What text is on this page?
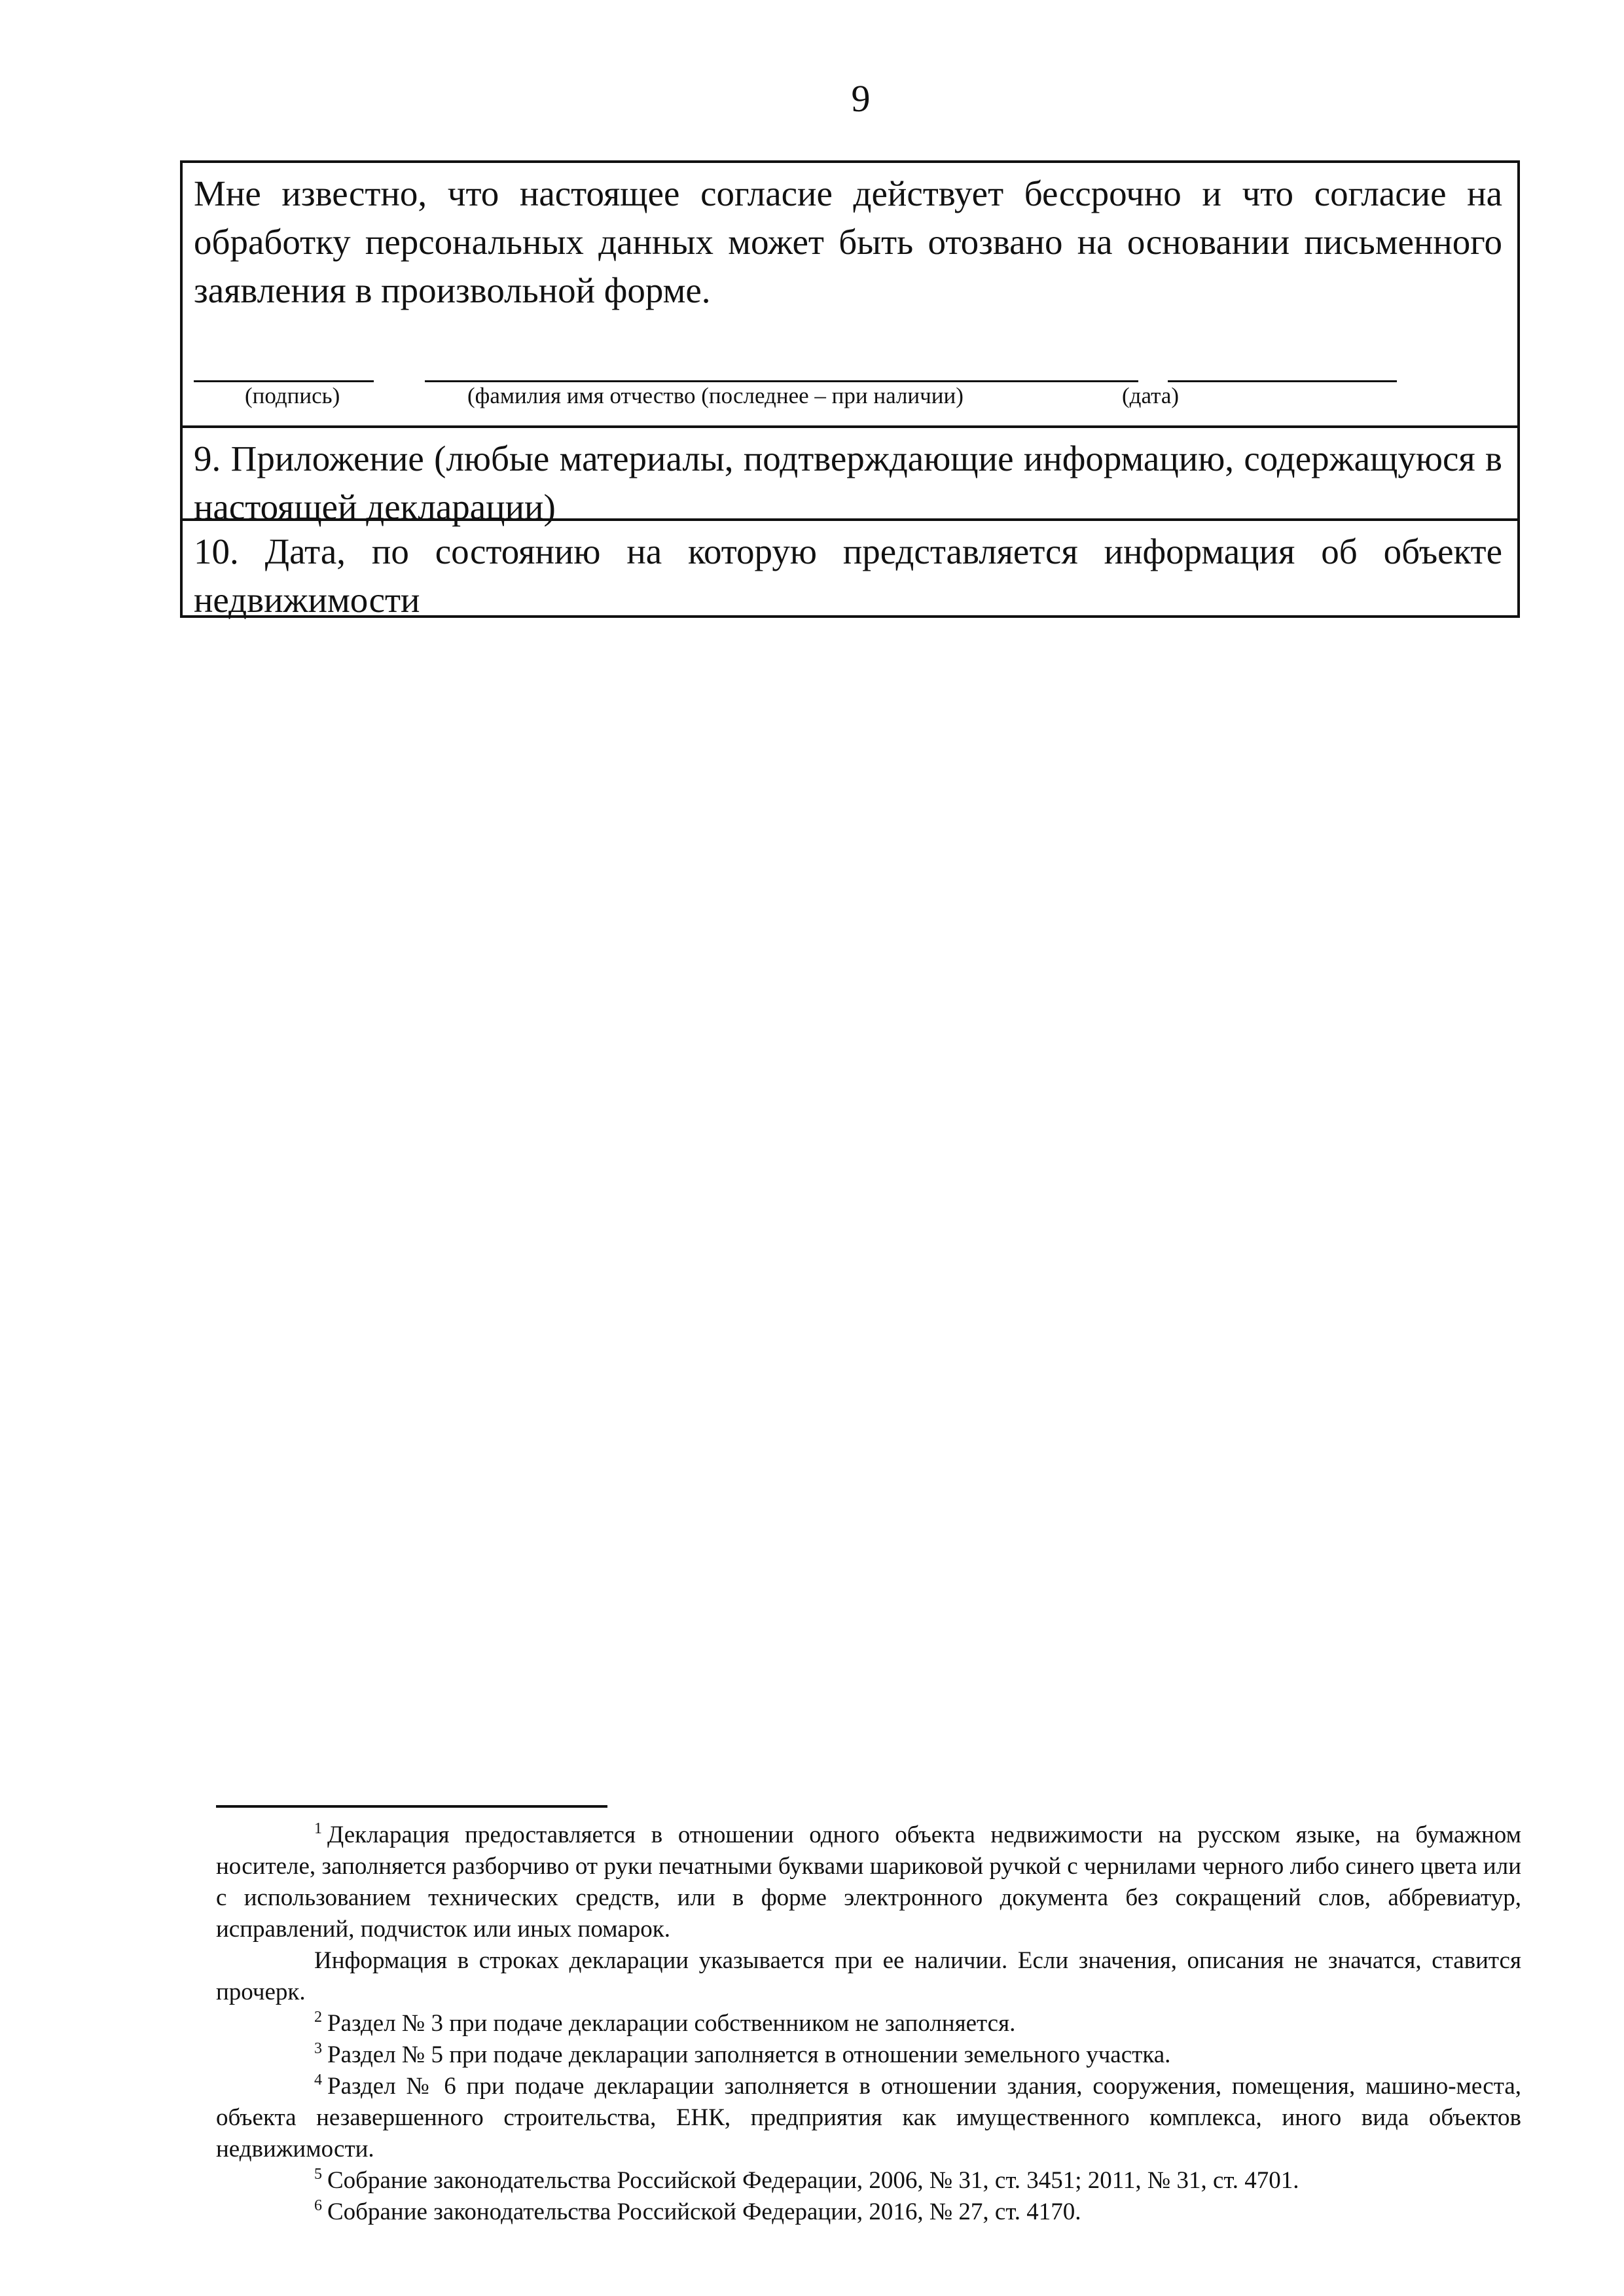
9
Мне известно, что настоящее согласие действует бессрочно и что согласие на обработку персональных данных может быть отозвано на основании письменного заявления в произвольной форме.
(подпись)	(фамилия имя отчество (последнее – при наличии)	(дата)
9. Приложение (любые материалы, подтверждающие информацию, содержащуюся в настоящей декларации)
10. Дата, по состоянию на которую представляется информация об объекте недвижимости

$^1$ Декларация предоставляется в отношении одного объекта недвижимости на русском языке, на бумажном носителе, заполняется разборчиво от руки печатными буквами шариковой ручкой с чернилами черного либо синего цвета или с использованием технических средств, или в форме электронного документа без сокращений слов, аббревиатур, исправлений, подчисток или иных помарок.

Информация в строках декларации указывается при ее наличии. Если значения, описания не значатся, ставится прочерк.

$^2$ Раздел № 3 при подаче декларации собственником не заполняется.

$^3$ Раздел № 5 при подаче декларации заполняется в отношении земельного участка.

$^4$ Раздел № 6 при подаче декларации заполняется в отношении здания, сооружения, помещения, машино-места, объекта незавершенного строительства, ЕНК, предприятия как имущественного комплекса, иного вида объектов недвижимости.

$^5$ Собрание законодательства Российской Федерации, 2006, № 31, ст. 3451; 2011, № 31, ст. 4701.

$^6$ Собрание законодательства Российской Федерации, 2016, № 27, ст. 4170.
